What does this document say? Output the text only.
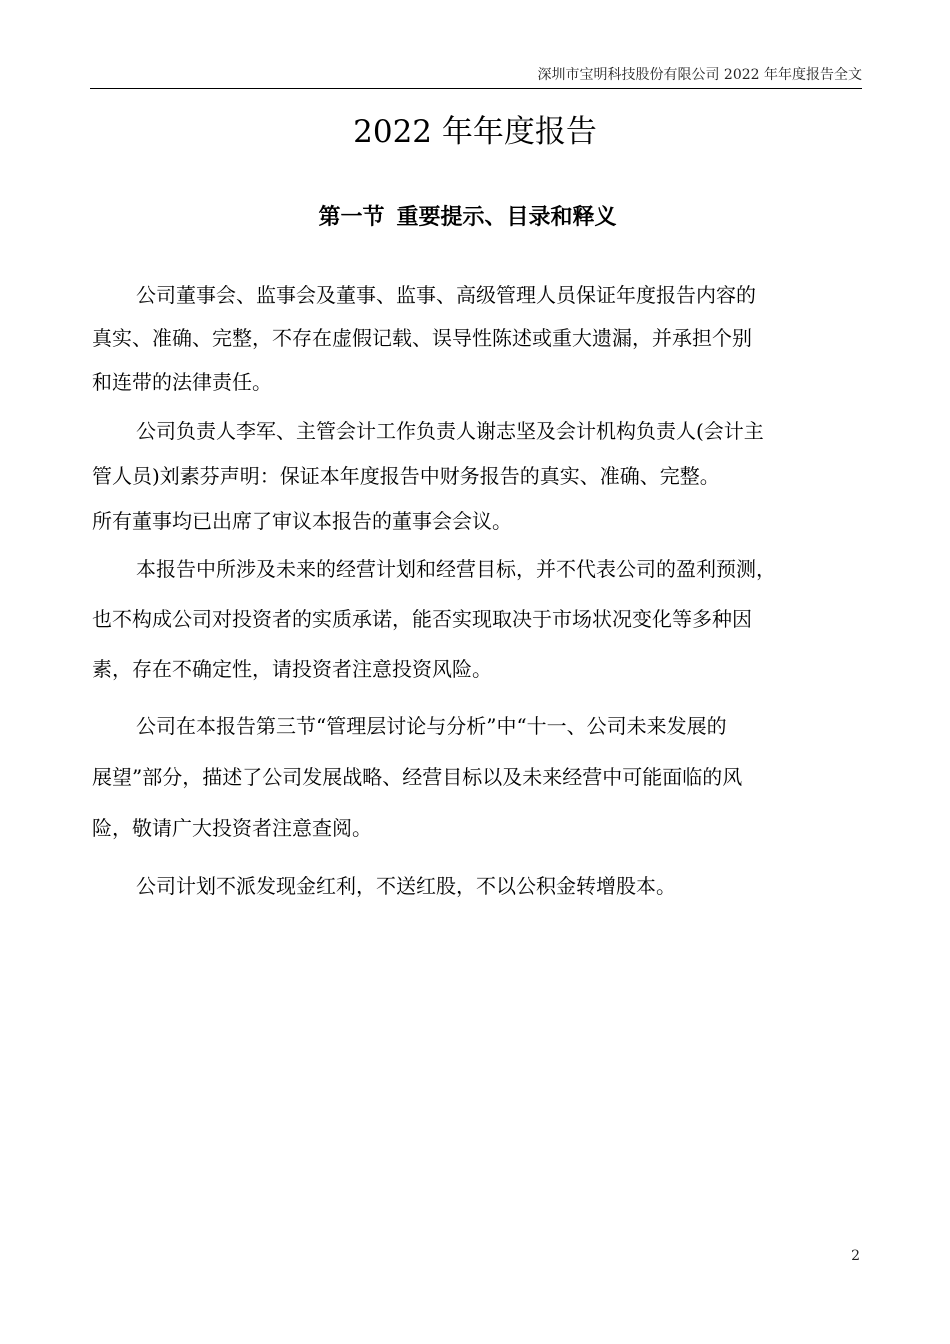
深圳市宝明科技股份有限公司 2022 年年度报告全文
2022 年年度报告
第一节 重要提示、目录和释义

公司董事会、监事会及董事、监事、高级管理人员保证年度报告内容的

真实、准确、完整，不存在虚假记载、误导性陈述或重大遗漏，并承担个别

和连带的法律责任。

公司负责人李军、主管会计工作负责人谢志坚及会计机构负责人(会计主

管人员)刘素芬声明：保证本年度报告中财务报告的真实、准确、完整。

所有董事均已出席了审议本报告的董事会会议。

本报告中所涉及未来的经营计划和经营目标，并不代表公司的盈利预测，

也不构成公司对投资者的实质承诺，能否实现取决于市场状况变化等多种因

素，存在不确定性，请投资者注意投资风险。

公司在本报告第三节“管理层讨论与分析”中“十一、公司未来发展的

展望”部分，描述了公司发展战略、经营目标以及未来经营中可能面临的风

险，敬请广大投资者注意查阅。

公司计划不派发现金红利，不送红股，不以公积金转增股本。

2
